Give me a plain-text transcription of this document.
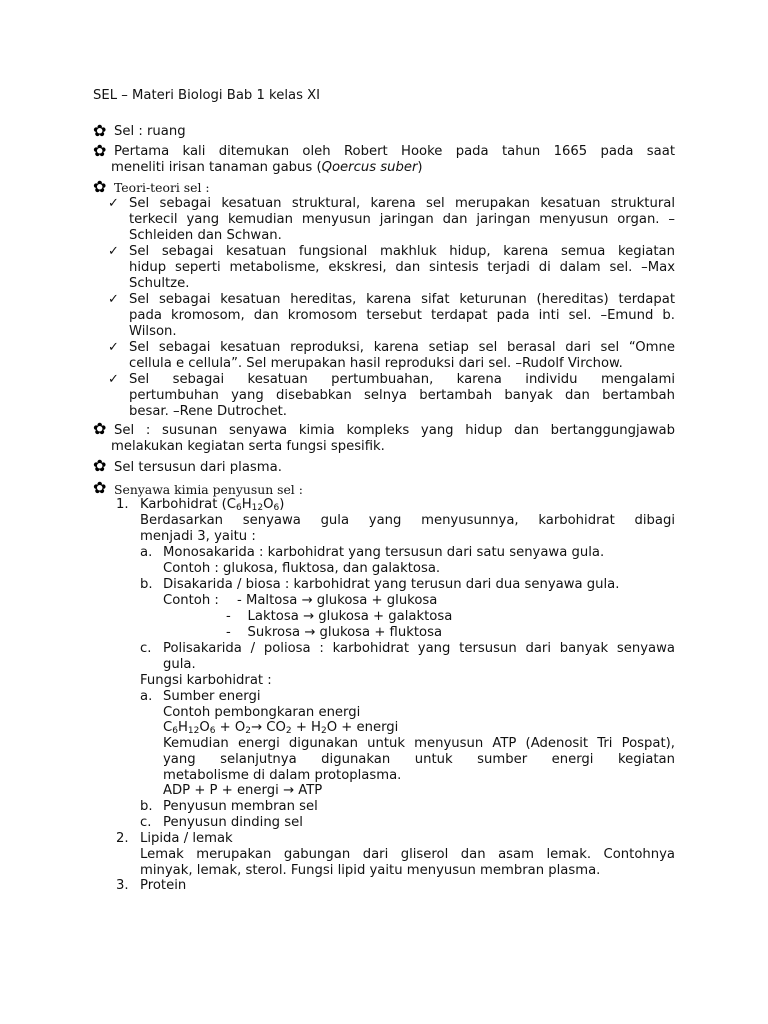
SEL – Materi Biologi Bab 1 kelas XI
✿ Sel : ruang
✿ Pertama kali ditemukan oleh Robert Hooke pada tahun 1665 pada saat
meneliti irisan tanaman gabus (Qoercus suber)
✿ Teori-teori sel :
✓ Sel sebagai kesatuan struktural, karena sel merupakan kesatuan struktural
terkecil yang kemudian menyusun jaringan dan jaringan menyusun organ. –
Schleiden dan Schwan.
✓ Sel sebagai kesatuan fungsional makhluk hidup, karena semua kegiatan
hidup seperti metabolisme, ekskresi, dan sintesis terjadi di dalam sel. –Max
Schultze.
✓ Sel sebagai kesatuan hereditas, karena sifat keturunan (hereditas) terdapat
pada kromosom, dan kromosom tersebut terdapat pada inti sel. –Emund b.
Wilson.
✓ Sel sebagai kesatuan reproduksi, karena setiap sel berasal dari sel “Omne
cellula e cellula”. Sel merupakan hasil reproduksi dari sel. –Rudolf Virchow.
✓ Sel sebagai kesatuan pertumbuahan, karena individu mengalami
pertumbuhan yang disebabkan selnya bertambah banyak dan bertambah
besar. –Rene Dutrochet.
✿ Sel : susunan senyawa kimia kompleks yang hidup dan bertanggungjawab
melakukan kegiatan serta fungsi spesifik.
✿ Sel tersusun dari plasma.
✿ Senyawa kimia penyusun sel :
1. Karbohidrat $(C_6H_{12}O_6)$
Berdasarkan senyawa gula yang menyusunnya, karbohidrat dibagi
menjadi 3, yaitu :
a. Monosakarida : karbohidrat yang tersusun dari satu senyawa gula.
Contoh : glukosa, fluktosa, dan galaktosa.
b. Disakarida / biosa : karbohidrat yang terusun dari dua senyawa gula.
Contoh : - Maltosa → glukosa + glukosa
- Laktosa → glukosa + galaktosa
- Sukrosa → glukosa + fluktosa
c. Polisakarida / poliosa : karbohidrat yang tersusun dari banyak senyawa
gula.
Fungsi karbohidrat :
a. Sumber energi
Contoh pembongkaran energi
$C_6H_{12}O_6 + O_2\to CO_2 + H_2O$ + energi
Kemudian energi digunakan untuk menyusun ATP (Adenosit Tri Pospat),
yang selanjutnya digunakan untuk sumber energi kegiatan
metabolisme di dalam protoplasma.
ADP + P + energi → ATP
b. Penyusun membran sel
c. Penyusun dinding sel
2. Lipida / lemak
Lemak merupakan gabungan dari gliserol dan asam lemak. Contohnya
minyak, lemak, sterol. Fungsi lipid yaitu menyusun membran plasma.
3. Protein
